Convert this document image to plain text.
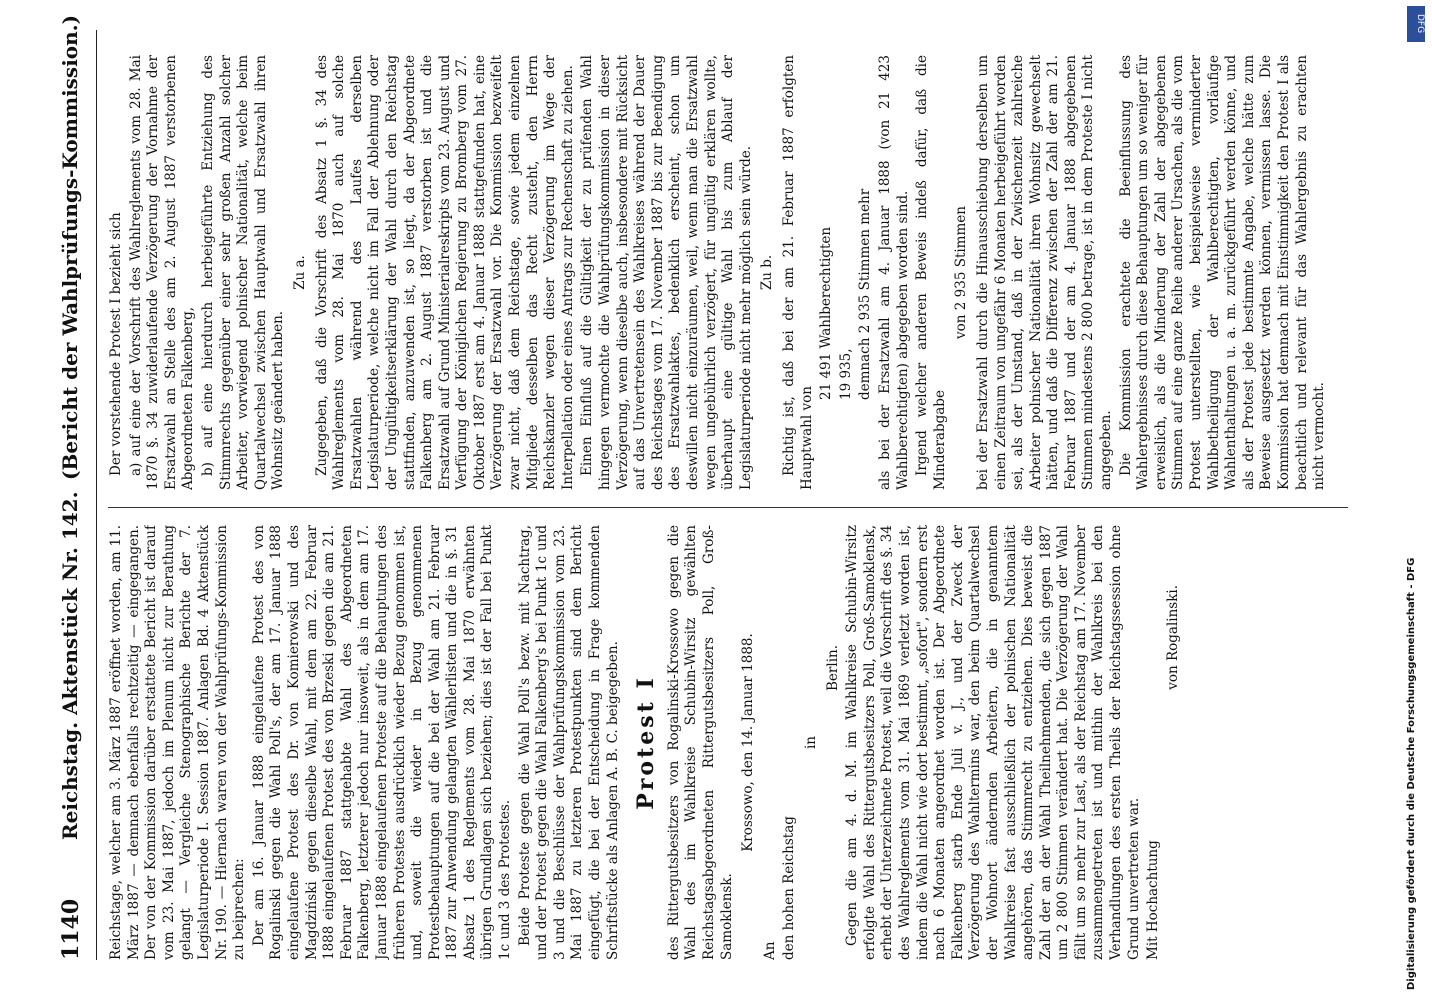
1140
Reichstag. Aktenstück Nr. 142.
(Bericht der Wahlprüfungs-Kommission.)

Reichstage, welcher am 3. März 1887 eröffnet worden, am 11. März 1887 — demnach ebenfalls rechtzeitig — eingegangen. Der von der Kommission darüber erstattete Bericht ist darauf vom 23. Mai 1887, jedoch im Plenum nicht zur Berathung gelangt — Vergleiche Stenographische Berichte der 7. Legislaturperiode I. Session 1887. Anlagen Bd. 4 Aktenstück Nr. 190. — Hiernach waren von der Wahlprüfungs-Kommission zu beiprechen: Der am 16. Januar 1888 eingelaufene Protest des von Rogalinski gegen die Wahl Poll's, der am 17. Januar 1888 eingelaufene Protest des Dr. von Komierowski und des Magdziński gegen dieselbe Wahl, mit dem am 22. Februar 1888 eingelaufenen Protest des von Brzeski gegen die am 21. Februar 1887 stattgehabte Wahl des Abgeordneten Falkenberg, letzterer jedoch nur insoweit, als in dem am 17. Januar 1888 eingelaufenen Proteste auf die Behauptungen des früheren Protestes ausdrücklich wieder Bezug genommen ist, und, soweit die wieder in Bezug genommenen Protestbehauptungen auf die bei der Wahl am 21. Februar 1887 zur Anwendung gelangten Wählerlisten und die in §. 31 Absatz 1 des Reglements vom 28. Mai 1870 erwähnten übrigen Grundlagen sich beziehen; dies ist der Fall bei Punkt 1c und 3 des Protestes. Beide Proteste gegen die Wahl Poll's bezw. mit Nachtrag, und der Protest gegen die Wahl Falkenberg's bei Punkt 1c und 3 und die Beschlüsse der Wahlprüfungskommission vom 23. Mai 1887 zu letzteren Protestpunkten sind dem Bericht eingefügt, die bei der Entscheidung in Frage kommenden Schriftstücke als Anlagen A. B. C. beigegeben. Protest I des Rittergutsbesitzers von Rogalinski-Krossowo gegen die Wahl des im Wahlkreise Schubin-Wirsitz gewählten Reichstagsabgeordneten Rittergutsbesitzers Poll, Groß-Samoklensk.

Krossowo, den 14. Januar 1888.

An den hohen Reichstag

in

Berlin. Gegen die am 4. d. M. im Wahlkreise Schubin-Wirsitz erfolgte Wahl des Rittergutsbesitzers Poll, Groß-Samoklensk, erhebt der Unterzeichnete Protest, weil die Vorschrift des §. 34 des Wahlreglements vom 31. Mai 1869 verletzt worden ist, indem die Wahl nicht wie dort bestimmt, „sofort", sondern erst nach 6 Monaten angeordnet worden ist. Der Abgeordnete Falkenberg starb Ende Juli v. J., und der Zweck der Verzögerung des Wahltermins war, den beim Quartalwechsel der Wohnort ändernden Arbeitern, die in genanntem Wahlkreise fast ausschließlich der polnischen Nationalität angehören, das Stimmrecht zu entziehen. Dies beweist die Zahl der an der Wahl Theilnehmenden, die sich gegen 1887 um 2 800 Stimmen verändert hat. Die Verzögerung der Wahl fällt um so mehr zur Last, als der Reichstag am 17. November zusammengetreten ist und mithin der Wahlkreis bei den Verhandlungen des ersten Theils der Reichstagssession ohne Grund unvertreten war. Mit Hochachtung

von Rogalinski.

Der vorstehende Protest I bezieht sich a) auf eine der Vorschrift des Wahlreglements vom 28. Mai 1870 §. 34 zuwiderlaufende Verzögerung der Vornahme der Ersatzwahl an Stelle des am 2. August 1887 verstorbenen Abgeordneten Falkenberg, b) auf eine hierdurch herbeigeführte Entziehung des Stimmrechts gegenüber einer sehr großen Anzahl solcher Arbeiter, vorwiegend polnischer Nationalität, welche beim Quartalwechsel zwischen Hauptwahl und Ersatzwahl ihren Wohnsitz geändert haben.

Zu a. Zugegeben, daß die Vorschrift des Absatz 1 §. 34 des Wahlreglements vom 28. Mai 1870 auch auf solche Ersatzwahlen während des Laufes derselben Legislaturperiode, welche nicht im Fall der Ablehnung oder der Ungültigkeitserklärung der Wahl durch den Reichstag stattfinden, anzuwenden ist, so liegt, da der Abgeordnete Falkenberg am 2. August 1887 verstorben ist und die Ersatzwahl auf Grund Ministerialreskripts vom 23. August und Verfügung der Königlichen Regierung zu Bromberg vom 27. Oktober 1887 erst am 4. Januar 1888 stattgefunden hat, eine Verzögerung der Ersatzwahl vor. Die Kommission bezweifelt zwar nicht, daß dem Reichstage, sowie jedem einzelnen Mitgliede desselben das Recht zusteht, den Herrn Reichskanzler wegen dieser Verzögerung im Wege der Interpellation oder eines Antrags zur Rechenschaft zu ziehen. Einen Einfluß auf die Gültigkeit der zu prüfenden Wahl hingegen vermochte die Wahlprüfungskommission in dieser Verzögerung, wenn dieselbe auch, insbesondere mit Rücksicht auf das Unvertretensein des Wahlkreises während der Dauer des Reichstages vom 17. November 1887 bis zur Beendigung des Ersatzwahlaktes, bedenklich erscheint, schon um deswillen nicht einzuräumen, weil, wenn man die Ersatzwahl wegen ungebührlich verzögert, für ungültig erklären wollte, überhaupt eine gültige Wahl bis zum Ablauf der Legislaturperiode nicht mehr möglich sein würde. Zu b. Richtig ist, daß bei der am 21. Februar 1887 erfolgten Hauptwahl von

21 491 Wahlberechtigten 19 935, demnach 2 935 Stimmen mehr als bei der Ersatzwahl am 4. Januar 1888 (von 21 423 Wahlberechtigten) abgegeben worden sind. Irgend welcher anderen Beweis indeß dafür, daß die Minderabgabe

von 2 935 Stimmen bei der Ersatzwahl durch die Hinausschiebung derselben um einen Zeitraum von ungefähr 6 Monaten herbeigeführt worden sei, als der Umstand, daß in der Zwischenzeit zahlreiche Arbeiter polnischer Nationalität ihren Wohnsitz gewechselt hätten, und daß die Differenz zwischen der Zahl der am 21. Februar 1887 und der am 4. Januar 1888 abgegebenen Stimmen mindestens 2 800 betrage, ist in dem Proteste I nicht angegeben. Die Kommission erachtete die Beeinflussung des Wahlergebnisses durch diese Behauptungen um so weniger für erweislich, als die Minderung der Zahl der abgegebenen Stimmen auf eine ganze Reihe anderer Ursachen, als die vom Protest unterstellten, wie beispielsweise verminderter Wahlbetheiligung der Wahlberechtigten, vorläufige Wahlenthaltungen u. a. m. zurückgeführt werden könne, und als der Protest jede bestimmte Angabe, welche hätte zum Beweise ausgesetzt werden können, vermissen lasse. Die Kommission hat demnach mit Einstimmigkeit den Protest I als beachtlich und relevant für das Wahlergebnis zu erachten nicht vermocht.

DFG
Digitalisierung gefördert durch die Deutsche Forschungsgemeinschaft - DFG
